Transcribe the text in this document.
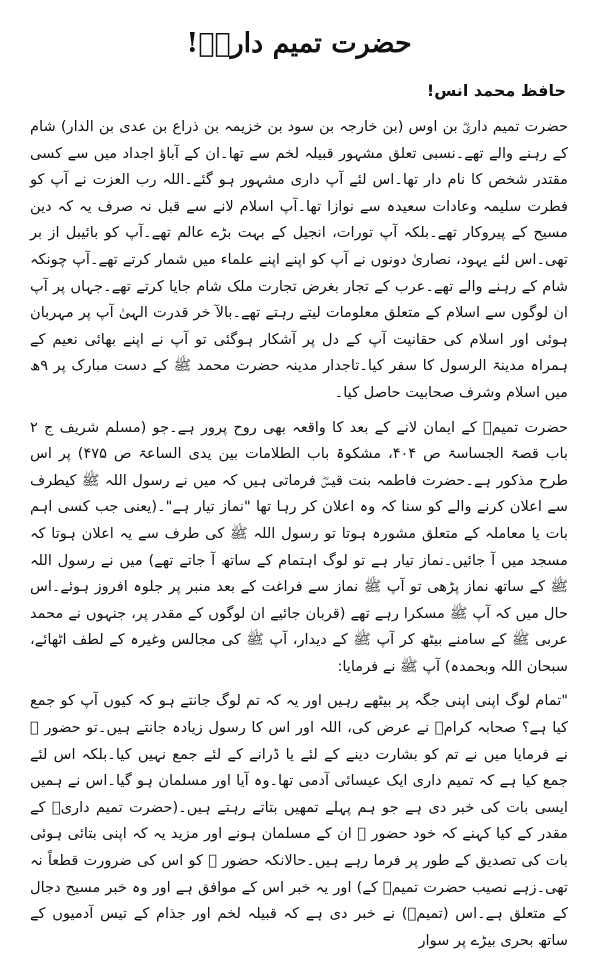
حضرت تمیم داریؓ!
حافظ محمد انس!

حضرت تمیم داریؓ بن اوس (بن خارجہ بن سود بن خزیمہ بن ذراع بن عدی بن الدار) شام کے رہنے والے تھے۔نسبی تعلق مشہور قبیلہ لخم سے تھا۔ان کے آباؤ اجداد میں سے کسی مقتدر شخص کا نام دار تھا۔اس لئے آپ داری مشہور ہو گئے۔اللہ رب العزت نے آپ کو فطرت سلیمہ وعادات سعیدہ سے نوازا تھا۔آپ اسلام لانے سے قبل نہ صرف یہ کہ دین مسیح کے پیروکار تھے۔بلکہ آپ تورات، انجیل کے بہت بڑے عالم تھے۔آپ کو بائیبل از بر تھی۔اس لئے یہود، نصاریٰ دونوں نے آپ کو اپنے اپنے علماء میں شمار کرتے تھے۔آپ چونکہ شام کے رہنے والے تھے۔عرب کے تجار بغرض تجارت ملک شام جایا کرتے تھے۔جہاں پر آپ ان لوگوں سے اسلام کے متعلق معلومات لیتے رہتے تھے۔بالآ خر قدرت الہیٰ آپ پر مہربان ہوئی اور اسلام کی حقانیت آپ کے دل پر آشکار ہوگئی تو آپ نے اپنے بھائی نعیم کے ہمراہ مدینۃ الرسول کا سفر کیا۔تاجدار مدینہ حضرت محمد ﷺ کے دست مبارک پر ۹ھ میں اسلام وشرف صحابیت حاصل کیا۔

حضرت تمیمؓ کے ایمان لانے کے بعد کا واقعہ بھی روح پرور ہے۔جو (مسلم شریف ج ۲ باب قصۃ الجساسۃ ص ۴۰۴، مشکوۃ باب الطلامات بین یدی الساعۃ ص ۴۷۵) پر اس طرح مذکور ہے۔حضرت فاطمہ بنت قیسؓ فرماتی ہیں کہ میں نے رسول اللہ ﷺ کیطرف سے اعلان کرنے والے کو سنا کہ وہ اعلان کر رہا تھا "نماز تیار ہے"۔(یعنی جب کسی اہم بات یا معاملہ کے متعلق مشورہ ہوتا تو رسول اللہ ﷺ کی طرف سے یہ اعلان ہوتا کہ مسجد میں آ جائیں۔نماز تیار ہے تو لوگ اہتمام کے ساتھ آ جاتے تھے) میں نے رسول اللہ ﷺ کے ساتھ نماز پڑھی تو آپ ﷺ نماز سے فراغت کے بعد منبر پر جلوہ افروز ہوئے۔اس حال میں کہ آپ ﷺ مسکرا رہے تھے (قربان جائیے ان لوگوں کے مقدر پر، جنہوں نے محمد عربی ﷺ کے سامنے بیٹھ کر آپ ﷺ کے دیدار، آپ ﷺ کی مجالس وغیرہ کے لطف اٹھائے، سبحان اللہ وبحمدہ) آپ ﷺ نے فرمایا:

"تمام لوگ اپنی اپنی جگہ پر بیٹھے رہیں اور یہ کہ تم لوگ جانتے ہو کہ کیوں آپ کو جمع کیا ہے؟ صحابہ کرامؓ نے عرض کی، اللہ اور اس کا رسول زیادہ جانتے ہیں۔تو حضور ﷺ نے فرمایا میں نے تم کو بشارت دینے کے لئے یا ڈرانے کے لئے جمع نہیں کیا۔بلکہ اس لئے جمع کیا ہے کہ تمیم داری ایک عیسائی آدمی تھا۔وہ آیا اور مسلمان ہو گیا۔اس نے ہمیں ایسی بات کی خبر دی ہے جو ہم پہلے تمھیں بتاتے رہتے ہیں۔(حضرت تمیم داریؓ کے مقدر کے کیا کہنے کہ خود حضور ﷺ ان کے مسلمان ہونے اور مزید یہ کہ اپنی بتائی ہوئی بات کی تصدیق کے طور پر فرما رہے ہیں۔حالانکہ حضور ﷺ کو اس کی ضرورت قطعاً نہ تھی۔زہے نصیب حضرت تمیمؓ کے) اور یہ خبر اس کے موافق ہے اور وہ خبر مسیح دجال کے متعلق ہے۔اس (تمیمؓ) نے خبر دی ہے کہ قبیلہ لخم اور جذام کے تیس آدمیوں کے ساتھ بحری بیڑے پر سوار
